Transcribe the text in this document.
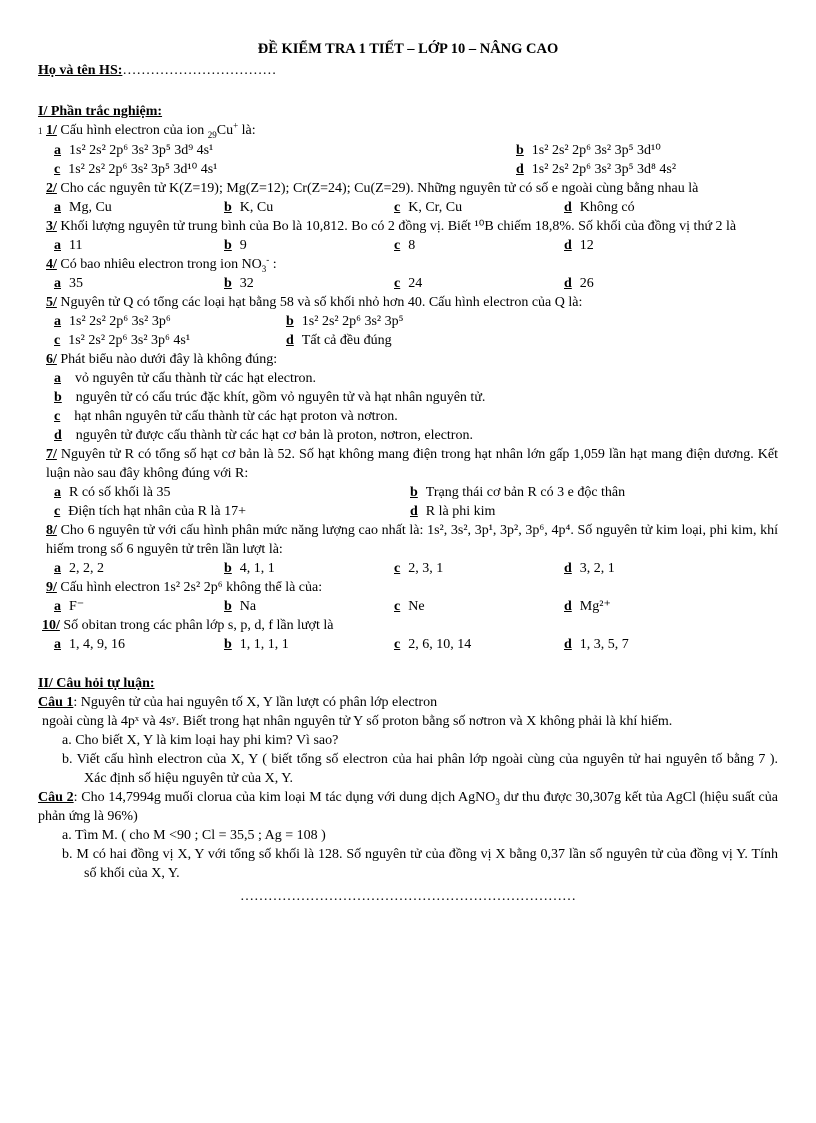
ĐỀ KIỂM TRA 1 TIẾT – LỚP 10 – NÂNG CAO
Họ và tên HS:……………………………
I/ Phần trắc nghiệm:
1 1/ Cấu hình electron của ion $_{29}$Cu+ là:
a 1s² 2s² 2p⁶ 3s² 3p⁵ 3d⁹ 4s¹	b 1s² 2s² 2p⁶ 3s² 3p⁵ 3d¹⁰
c 1s² 2s² 2p⁶ 3s² 3p⁵ 3d¹⁰ 4s¹	d 1s² 2s² 2p⁶ 3s² 3p⁵ 3d⁸ 4s²
2/ Cho các nguyên tử K(Z=19); Mg(Z=12); Cr(Z=24); Cu(Z=29). Những nguyên tử có số e ngoài cùng bằng nhau là
a Mg, Cu	b K, Cu	c K, Cr, Cu	d Không có
3/ Khối lượng nguyên tử trung bình của Bo là 10,812. Bo có 2 đồng vị. Biết ¹⁰B chiếm 18,8%. Số khối của đồng vị thứ 2 là
a 11	b 9	c 8	d 12
4/ Có bao nhiêu electron trong ion $NO_3^-$ :
a 35	b 32	c 24	d 26
5/ Nguyên tử Q có tổng các loại hạt bằng 58 và số khối nhỏ hơn 40. Cấu hình electron của Q là:
a 1s² 2s² 2p⁶ 3s² 3p⁶	b 1s² 2s² 2p⁶ 3s² 3p⁵
c 1s² 2s² 2p⁶ 3s² 3p⁶ 4s¹	d Tất cả đều đúng
6/ Phát biểu nào dưới đây là không đúng:
a vỏ nguyên tử cấu thành từ các hạt electron.

b nguyên tử có cấu trúc đặc khít, gồm vỏ nguyên tử và hạt nhân nguyên tử.

c hạt nhân nguyên tử cấu thành từ các hạt proton và nơtron.

d nguyên tử được cấu thành từ các hạt cơ bản là proton, nơtron, electron.
7/ Nguyên tử R có tổng số hạt cơ bản là 52. Số hạt không mang điện trong hạt nhân lớn gấp 1,059 lần hạt mang điện dương. Kết luận nào sau đây không đúng với R:
a R có số khối là 35	b Trạng thái cơ bản R có 3 e độc thân
c Điện tích hạt nhân của R là 17+	d R là phi kim
8/ Cho 6 nguyên tử với cấu hình phân mức năng lượng cao nhất là: 1s², 3s², 3p¹, 3p², 3p⁶, 4p⁴. Số nguyên tử kim loại, phi kim, khí hiếm trong số 6 nguyên tử trên lần lượt là:
a 2, 2, 2	b 4, 1, 1	c 2, 3, 1	d 3, 2, 1
9/ Cấu hình electron 1s² 2s² 2p⁶ không thể là của:
a F⁻	b Na	c Ne	d Mg²⁺
10/ Số obitan trong các phân lớp s, p, d, f lần lượt là
a 1, 4, 9, 16	b 1, 1, 1, 1	c 2, 6, 10, 14	d 1, 3, 5, 7
II/ Câu hỏi tự luận:
Câu 1: Nguyên tử của hai nguyên tố X, Y lần lượt có phân lớp electron
ngoài cùng là 4pˣ và 4sʸ. Biết trong hạt nhân nguyên tử Y số proton bằng số nơtron và X không phải là khí hiếm.
a. Cho biết X, Y là kim loại hay phi kim? Vì sao?
b. Viết cấu hình electron của X, Y ( biết tổng số electron của hai phân lớp ngoài cùng của nguyên tử hai nguyên tố bằng 7 ). Xác định số hiệu nguyên tử của X, Y.
Câu 2: Cho 14,7994g muối clorua của kim loại M tác dụng với dung dịch AgNO$_3$ dư thu được 30,307g kết tủa AgCl (hiệu suất của phản ứng là 96%)
a. Tìm M. ( cho M <90 ; Cl = 35,5 ; Ag = 108 )
b. M có hai đồng vị X, Y với tổng số khối là 128. Số nguyên tử của đồng vị X bằng 0,37 lần số nguyên tử của đồng vị Y. Tính số khối của X, Y.
………………………………………………………………
